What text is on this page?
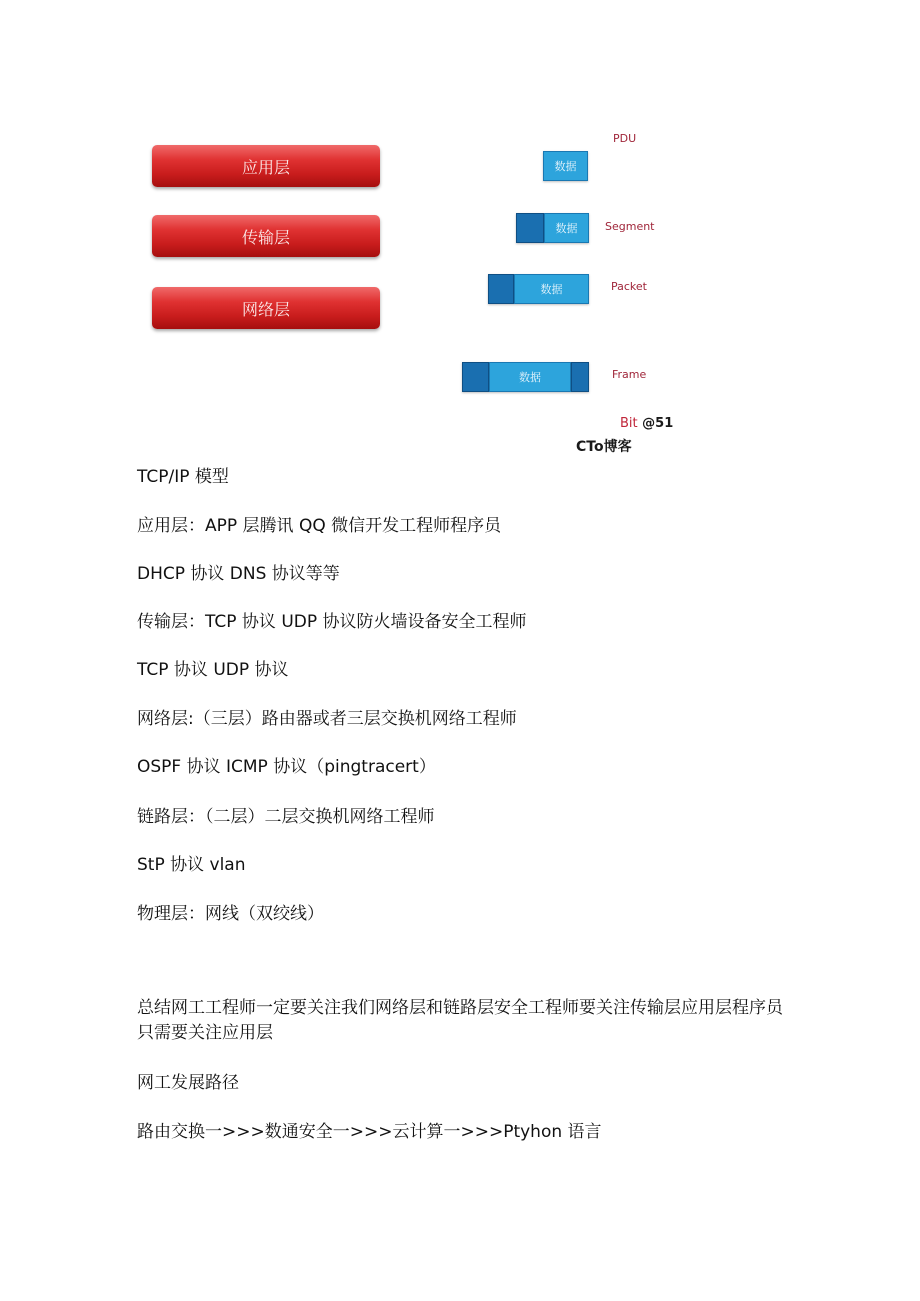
应用层
传输层
网络层
PDU
数据
数据	Segment
数据	Packet
数据	Frame
Bit @51
CTo博客
TCP/IP 模型
应用层：APP 层腾讯 QQ 微信开发工程师程序员
DHCP 协议 DNS 协议等等
传输层：TCP 协议 UDP 协议防火墙设备安全工程师
TCP 协议 UDP 协议
网络层:（三层）路由器或者三层交换机网络工程师
OSPF 协议 ICMP 协议（pingtracert）
链路层：（二层）二层交换机网络工程师
StP 协议 vlan
物理层：网线（双绞线）
总结网工工程师一定要关注我们网络层和链路层安全工程师要关注传输层应用层程序员只需要关注应用层
网工发展路径
路由交换一>>>数通安全一>>>云计算一>>>Ptyhon 语言
